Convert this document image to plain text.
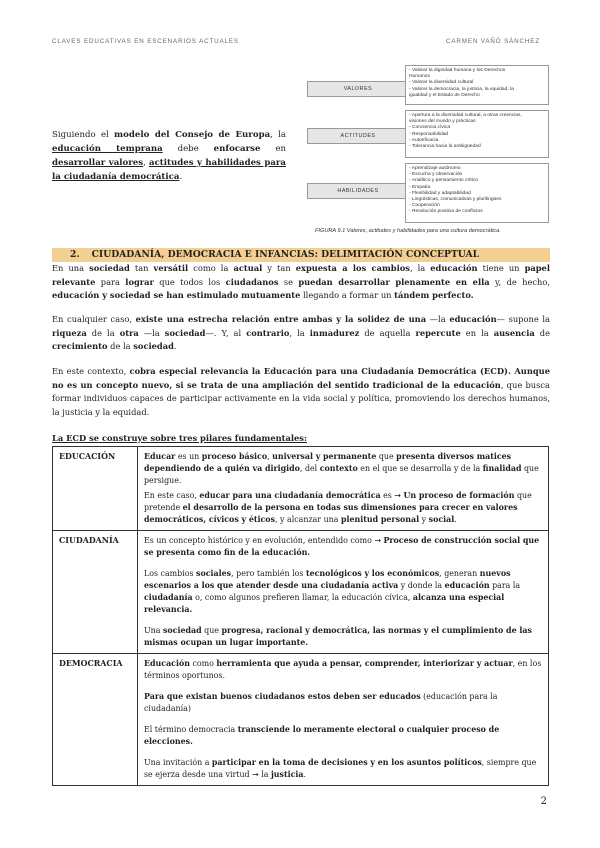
CLAVES EDUCATIVAS EN ESCENARIOS ACTUALES	CARMEN VAÑÓ SÁNCHEZ
VALORES
- Valorar la dignidad humana y los Derechos
Humanos
- Valorar la diversidad cultural
- Valorar la democracia, la justicia, la equidad, la
igualdad y el Estado de Derecho
ACTITUDES
- Apertura a la diversidad cultural, a otras creencias,
visiones del mundo y prácticas
- Conciencia cívica
- Responsabilidad
- Autoeficacia
- Tolerancia hacia la ambigüedad
HABILIDADES
- Aprendizaje autónomo
- Escucha y observación
- Analítico y pensamiento crítico
- Empatía
- Flexibilidad y adaptabilidad
- Lingüísticas, comunicativas y plurilingües
- Cooperación
- Resolución positiva de conflictos
FIGURA 9.1 Valores, actitudes y habilidades para una cultura democrática.
Siguiendo el modelo del Consejo de Europa, la educación temprana debe enfocarse en desarrollar valores, actitudes y habilidades para la ciudadanía democrática.
2. CIUDADANÍA, DEMOCRACIA E INFANCIAS: DELIMITACIÓN CONCEPTUAL
En una sociedad tan versátil como la actual y tan expuesta a los cambios, la educación tiene un papel relevante para lograr que todos los ciudadanos se puedan desarrollar plenamente en ella y, de hecho, educación y sociedad se han estimulado mutuamente llegando a formar un tándem perfecto.
En cualquier caso, existe una estrecha relación entre ambas y la solidez de una —la educación— supone la riqueza de la otra —la sociedad—. Y, al contrario, la inmadurez de aquella repercute en la ausencia de crecimiento de la sociedad.
En este contexto, cobra especial relevancia la Educación para una Ciudadanía Democrática (ECD). Aunque no es un concepto nuevo, si se trata de una ampliación del sentido tradicional de la educación, que busca formar individuos capaces de participar activamente en la vida social y política, promoviendo los derechos humanos, la justicia y la equidad.
La ECD se construye sobre tres pilares fundamentales:
EDUCACIÓN	Educar es un proceso básico, universal y permanente que presenta diversos matices dependiendo de a quién va dirigido, del contexto en el que se desarrolla y de la finalidad que persigue.

En este caso, educar para una ciudadanía democrática es ➞ Un proceso de formación que pretende el desarrollo de la persona en todas sus dimensiones para crecer en valores democráticos, cívicos y éticos, y alcanzar una plenitud personal y social.

CIUDADANÍA	Es un concepto histórico y en evolución, entendido como ➞ Proceso de construcción social que se presenta como fin de la educación.

Los cambios sociales, pero también los tecnológicos y los económicos, generan nuevos escenarios a los que atender desde una ciudadanía activa y donde la educación para la ciudadanía o, como algunos prefieren llamar, la educación cívica, alcanza una especial relevancia.

Una sociedad que progresa, racional y democrática, las normas y el cumplimiento de las mismas ocupan un lugar importante.

DEMOCRACIA	Educación como herramienta que ayuda a pensar, comprender, interiorizar y actuar, en los términos oportunos.

Para que existan buenos ciudadanos estos deben ser educados (educación para la ciudadanía)

El término democracia transciende lo meramente electoral o cualquier proceso de elecciones.

Una invitación a participar en la toma de decisiones y en los asuntos políticos, siempre que se ejerza desde una virtud ➞ la justicia.

2
